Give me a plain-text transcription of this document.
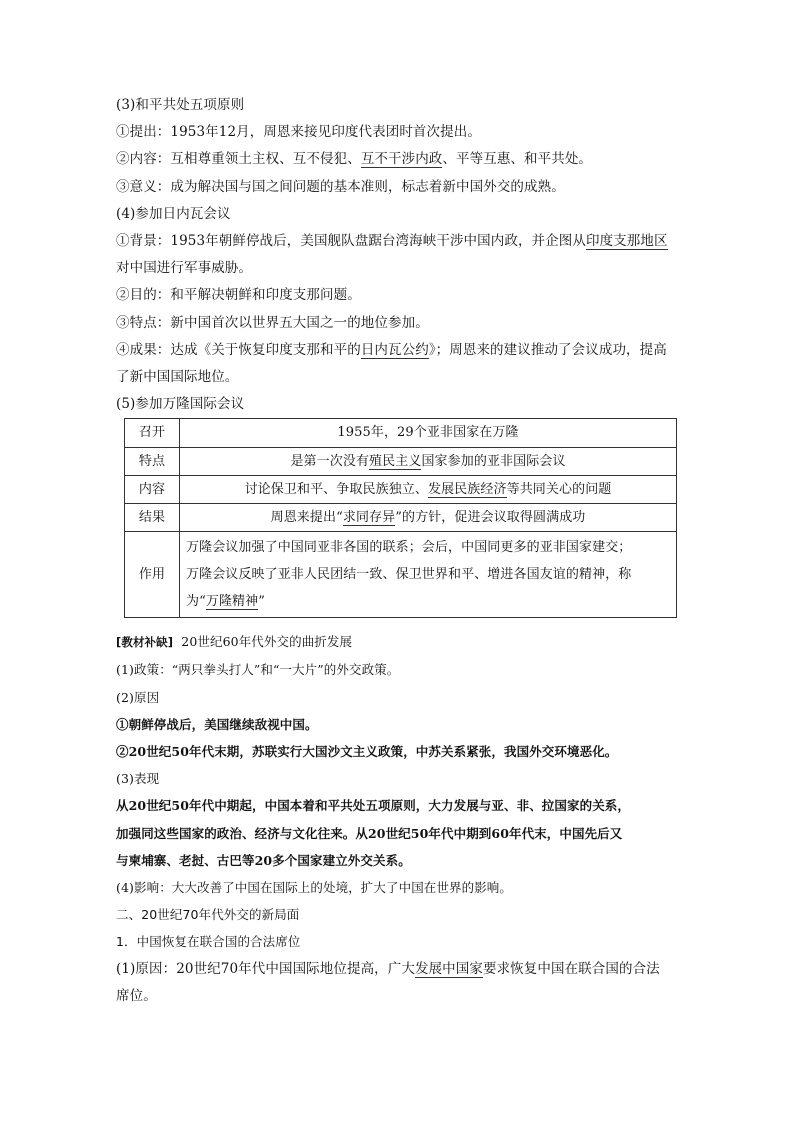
(3)和平共处五项原则
①提出：1953年12月，周恩来接见印度代表团时首次提出。
②内容：互相尊重领土主权、互不侵犯、互不干涉内政、平等互惠、和平共处。
③意义：成为解决国与国之间问题的基本准则，标志着新中国外交的成熟。
(4)参加日内瓦会议
①背景：1953年朝鲜停战后，美国舰队盘踞台湾海峡干涉中国内政，并企图从印度支那地区
对中国进行军事威胁。
②目的：和平解决朝鲜和印度支那问题。
③特点：新中国首次以世界五大国之一的地位参加。
④成果：达成《关于恢复印度支那和平的日内瓦公约》；周恩来的建议推动了会议成功，提高
了新中国国际地位。
(5)参加万隆国际会议
召开	1955年，29个亚非国家在万隆
特点	是第一次没有殖民主义国家参加的亚非国际会议
内容	讨论保卫和平、争取民族独立、发展民族经济等共同关心的问题
结果	周恩来提出“求同存异”的方针，促进会议取得圆满成功
作用	万隆会议加强了中国同亚非各国的联系；会后，中国同更多的亚非国家建交；
万隆会议反映了亚非人民团结一致、保卫世界和平、增进各国友谊的精神，称
为“万隆精神”
[教材补缺] 20世纪60年代外交的曲折发展
(1)政策：“两只拳头打人”和“一大片”的外交政策。
(2)原因
①朝鲜停战后，美国继续敌视中国。
②20世纪50年代末期，苏联实行大国沙文主义政策，中苏关系紧张，我国外交环境恶化。
(3)表现
从20世纪50年代中期起，中国本着和平共处五项原则，大力发展与亚、非、拉国家的关系，
加强同这些国家的政治、经济与文化往来。从20世纪50年代中期到60年代末，中国先后又
与柬埔寨、老挝、古巴等20多个国家建立外交关系。
(4)影响：大大改善了中国在国际上的处境，扩大了中国在世界的影响。
二、20世纪70年代外交的新局面
1．中国恢复在联合国的合法席位
(1)原因：20世纪70年代中国国际地位提高，广大发展中国家要求恢复中国在联合国的合法
席位。
